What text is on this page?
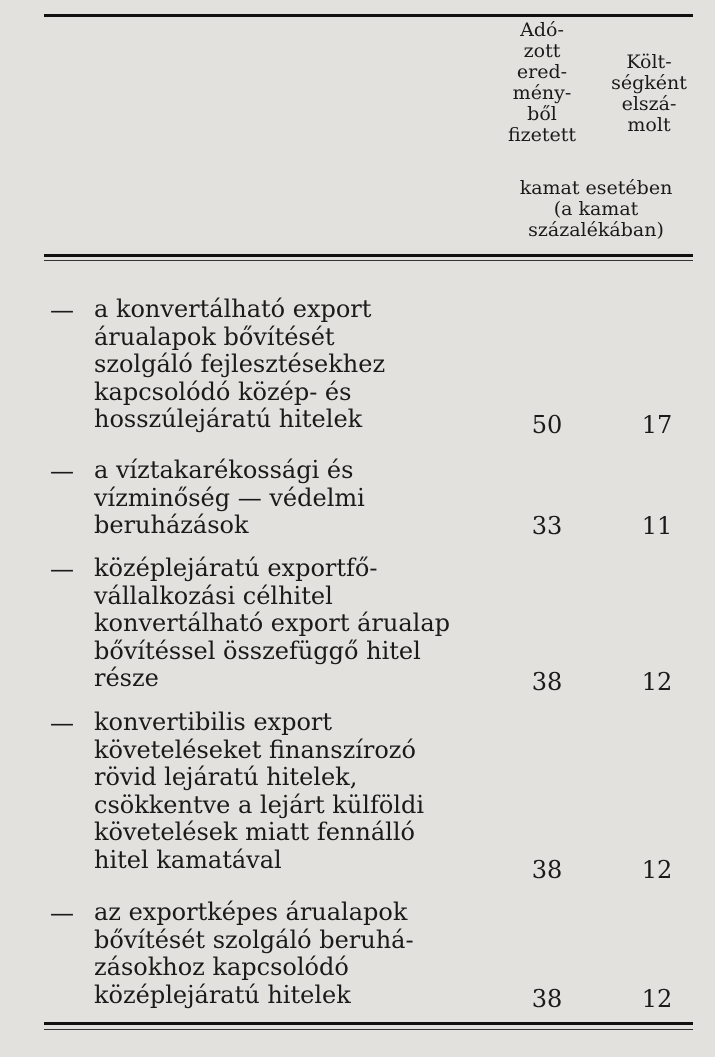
Adó-
zott
ered-
mény-
ből
fizetett
Költ-
ségként
elszá-
molt
kamat esetében
(a kamat
százalékában)
— a konvertálható export
árualapok bővítését
szolgáló fejlesztésekhez
kapcsolódó közép- és
hosszúlejáratú hitelek	50	17
— a víztakarékossági és
vízminőség — védelmi
beruházások	33	11
— középlejáratú exportfő-
vállalkozási célhitel
konvertálható export árualap
bővítéssel összefüggő hitel
része	38	12
— konvertibilis export
követeléseket finanszírozó
rövid lejáratú hitelek,
csökkentve a lejárt külföldi
követelések miatt fennálló
hitel kamatával	38	12
— az exportképes árualapok
bővítését szolgáló beruhá-
zásokhoz kapcsolódó
középlejáratú hitelek	38	12
